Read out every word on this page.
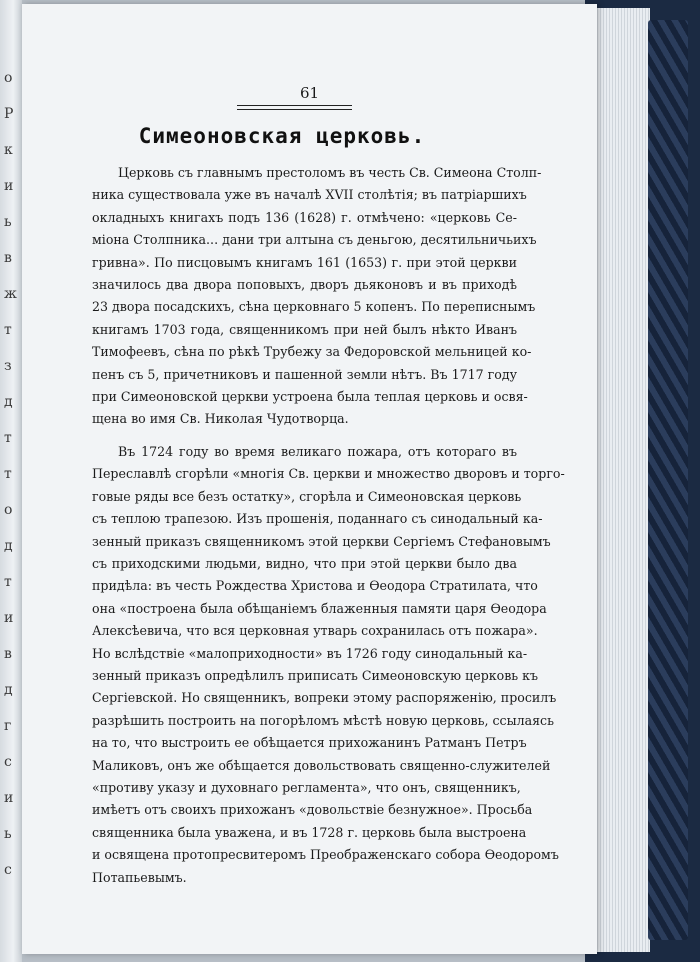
о
Р
к
и
ь
в
ж
т
з
д
т
т
о
д
т
и
в
д
г
с
и
ь
с
61
Симеоновская церковь.
Церковь съ главнымъ престоломъ въ честь Св. Симеона Столп-
ника существовала уже въ началѣ XVII столѣтія; въ патріаршихъ
окладныхъ книгахъ подъ 136 (1628) г. отмѣчено: «церковь Се-
міона Столпника... дани три алтына съ деньгою, десятильничьихъ
гривна». По писцовымъ книгамъ 161 (1653) г. при этой церкви
значилось два двора поповыхъ, дворъ дьяконовъ и въ приходѣ
23 двора посадскихъ, сѣна церковнаго 5 копенъ. По переписнымъ
книгамъ 1703 года, священникомъ при ней былъ нѣкто Иванъ
Тимофеевъ, сѣна по рѣкѣ Трубежу за Федоровской мельницей ко-
пенъ съ 5, причетниковъ и пашенной земли нѣтъ. Въ 1717 году
при Симеоновской церкви устроена была теплая церковь и освя-
щена во имя Св. Николая Чудотворца.
Въ 1724 году во время великаго пожара, отъ котораго въ
Переславлѣ сгорѣли «многія Св. церкви и множество дворовъ и торго-
говые ряды все безъ остатку», сгорѣла и Симеоновская церковь
съ теплою трапезою. Изъ прошенія, поданнаго съ синодальный ка-
зенный приказъ священникомъ этой церкви Сергіемъ Стефановымъ
съ приходскими людьми, видно, что при этой церкви было два
придѣла: въ честь Рождества Христова и Ѳеодора Стратилата, что
она «построена была обѣщаніемъ блаженныя памяти царя Ѳеодора
Алексѣевича, что вся церковная утварь сохранилась отъ пожара».
Но вслѣдствіе «малоприходности» въ 1726 году синодальный ка-
зенный приказъ опредѣлилъ приписать Симеоновскую церковь къ
Сергіевской. Но священникъ, вопреки этому распоряженію, просилъ
разрѣшить построить на погорѣломъ мѣстѣ новую церковь, ссылаясь
на то, что выстроить ее обѣщается прихожанинъ Ратманъ Петръ
Маликовъ, онъ же обѣщается довольствовать священно-служителей
«противу указу и духовнаго регламента», что онъ, священникъ,
имѣетъ отъ своихъ прихожанъ «довольствіе безнужное». Просьба
священника была уважена, и въ 1728 г. церковь была выстроена
и освящена протопресвитеромъ Преображенскаго собора Ѳеодоромъ
Потапьевымъ.
